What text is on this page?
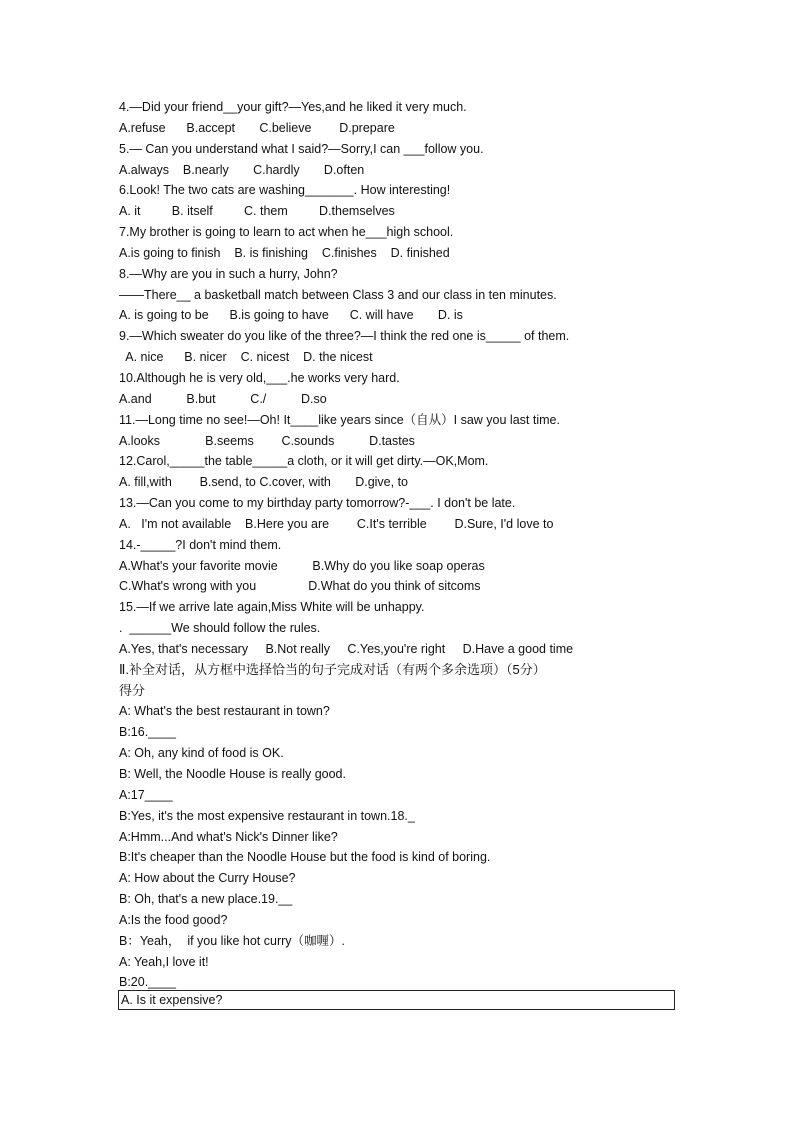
4.—Did your friend__your gift?—Yes,and he liked it very much.
A.refuse      B.accept       C.believe        D.prepare
5.— Can you understand what I said?—Sorry,I can ___follow you.
A.always    B.nearly       C.hardly       D.often
6.Look! The two cats are washing_______. How interesting!
A. it         B. itself         C. them         D.themselves
7.My brother is going to learn to act when he___high school.
A.is going to finish    B. is finishing    C.finishes    D. finished
8.—Why are you in such a hurry, John?
——There__ a basketball match between Class 3 and our class in ten minutes.
A. is going to be      B.is going to have      C. will have       D. is
9.—Which sweater do you like of the three?—I think the red one is_____ of them.
A. nice      B. nicer    C. nicest    D. the nicest
10.Although he is very old,___.he works very hard.
A.and          B.but          C./          D.so
11.—Long time no see!—Oh! It____like years since（自从）I saw you last time.
A.looks             B.seems        C.sounds          D.tastes
12.Carol,_____the table_____a cloth, or it will get dirty.—OK,Mom.
A. fill,with        B.send, to C.cover, with       D.give, to
13.—Can you come to my birthday party tomorrow?-___. I don't be late.
A.   I'm not available    B.Here you are        C.It's terrible        D.Sure, I'd love to
14.-_____?I don't mind them.
A.What's your favorite movie          B.Why do you like soap operas
C.What's wrong with you               D.What do you think of sitcoms
15.—If we arrive late again,Miss White will be unhappy.
.  ______We should follow the rules.
A.Yes, that's necessary     B.Not really     C.Yes,you're right     D.Have a good time
Ⅱ.补全对话，从方框中选择恰当的句子完成对话（有两个多余选项）（5分）
得分
A: What's the best restaurant in town?
B:16.____
A: Oh, any kind of food is OK.
B: Well, the Noodle House is really good.
A:17____
B:Yes, it's the most expensive restaurant in town.18._
A:Hmm...And what's Nick's Dinner like?
B:It's cheaper than the Noodle House but the food is kind of boring.
A: How about the Curry House?
B: Oh, that's a new place.19.__
A:Is the food good?
B：Yeah，  if you like hot curry（咖喱）.
A: Yeah,I love it!
B:20.____
A. Is it expensive?
